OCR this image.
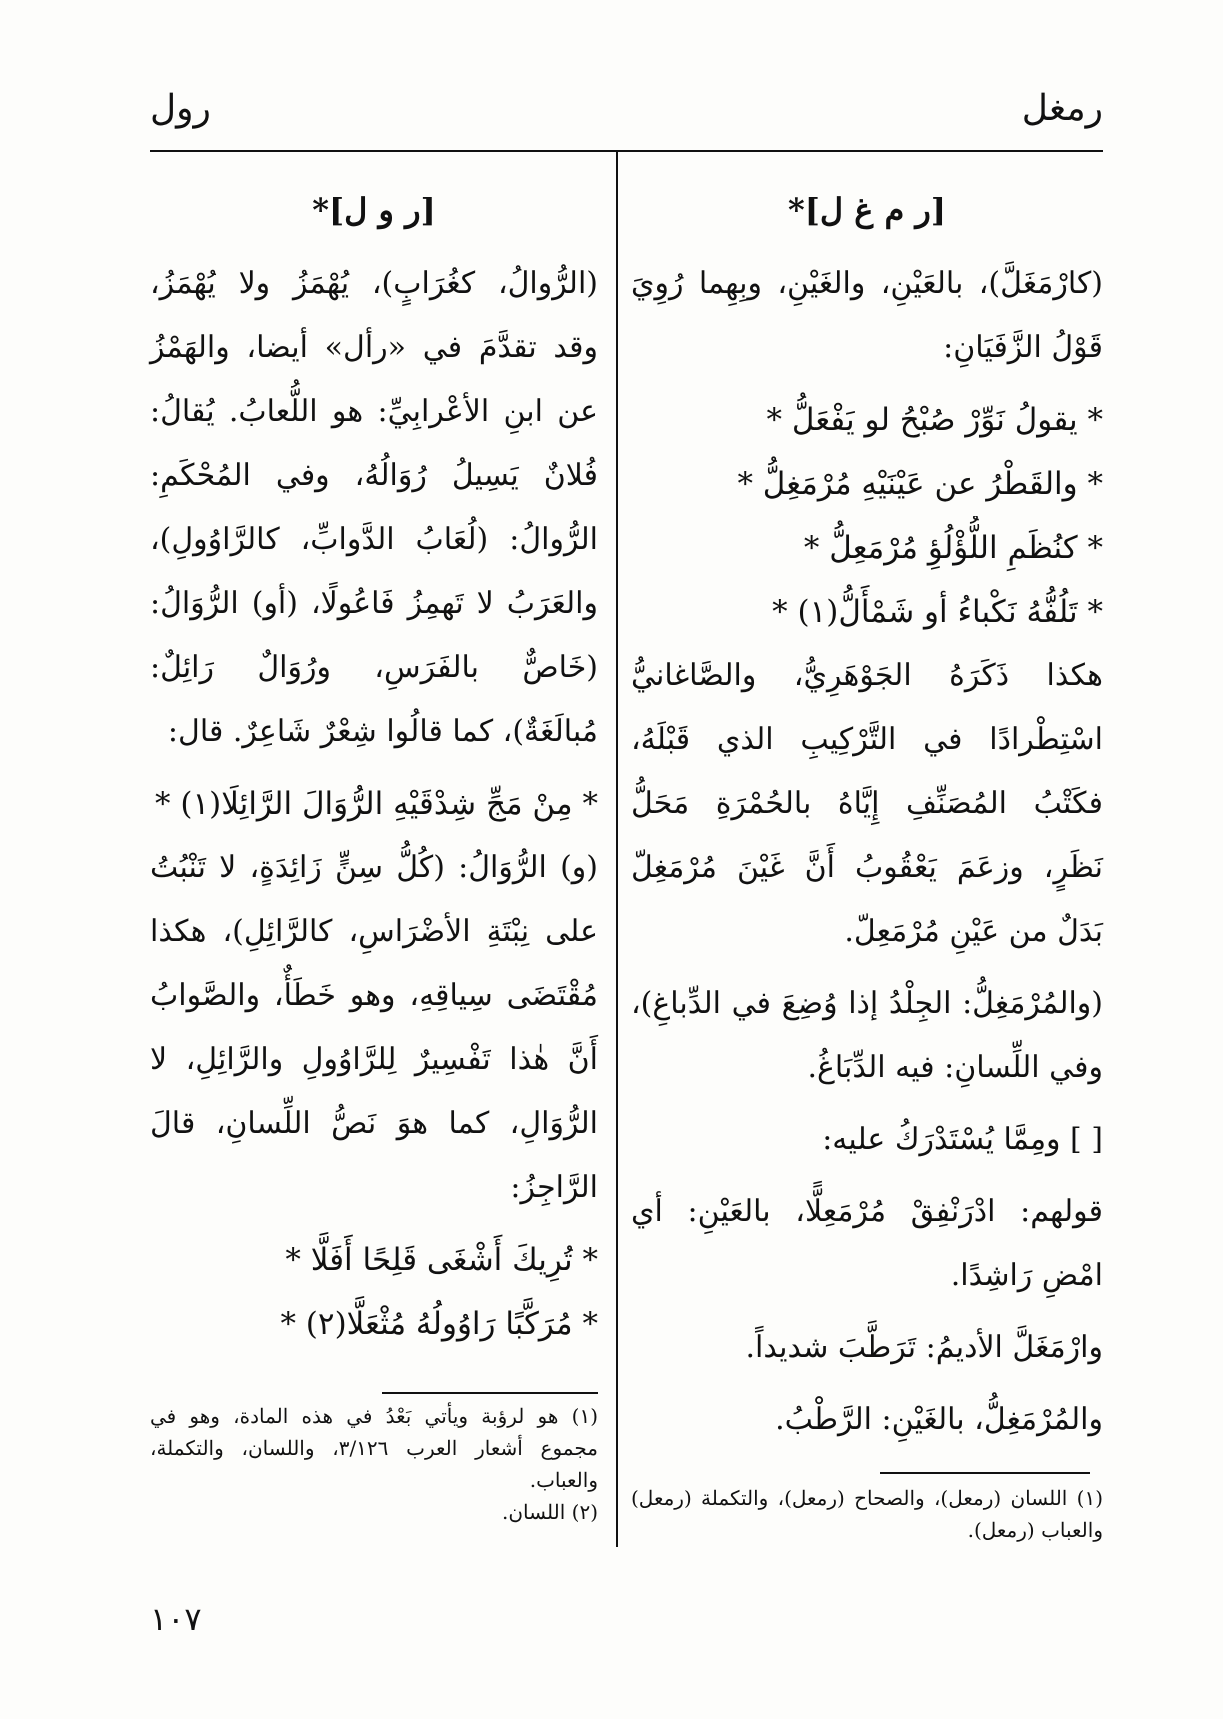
رمغل
رول

[ر م غ ل]*

(كارْمَغَلَّ)، بالعَيْنِ، والغَيْنِ، وبِهِما رُوِيَ قَوْلُ الزَّفَيَانِ:

* يقولُ نَوِّرْ صُبْحُ لو يَفْعَلُّ *

* والقَطْرُ عن عَيْنَيْهِ مُرْمَغِلُّ *

* كنُظَمِ اللُّؤْلُؤِ مُرْمَعِلُّ *

* تَلُفُّهُ نَكْباءُ أو شَمْأَلُّ(١) *

هكذا ذَكَرَهُ الجَوْهَرِيُّ، والصَّاغانيُّ اسْتِطْرادًا في التَّرْكِيبِ الذي قَبْلَهُ، فكَتْبُ المُصَنِّفِ إِيَّاهُ بالحُمْرَةِ مَحَلُّ نَظَرٍ، وزعَمَ يَعْقُوبُ أَنَّ غَيْنَ مُرْمَغِلّ بَدَلٌ من عَيْنِ مُرْمَعِلّ.

(والمُرْمَغِلُّ: الجِلْدُ إذا وُضِعَ في الدِّباغِ)، وفي اللِّسانِ: فيه الدِّبَاغُ.

[ ] ومِمَّا يُسْتَدْرَكُ عليه:

قولهم: ادْرَنْفِقْ مُرْمَعِلًّا، بالعَيْنِ: أي امْضِ رَاشِدًا.

وارْمَغَلَّ الأديمُ: تَرَطَّبَ شديداً.

والمُرْمَغِلُّ، بالغَيْنِ: الرَّطْبُ.

[ر و ل]*

(الرُّوالُ، كغُرَابٍ)، يُهْمَزُ ولا يُهْمَزُ، وقد تقدَّمَ في «رأل» أيضا، والهَمْزُ عن ابنِ الأعْرابِيِّ: هو اللُّعابُ. يُقالُ: فُلانٌ يَسِيلُ رُوَالُهُ، وفي المُحْكَمِ: الرُّوالُ: (لُعَابُ الدَّوابِّ، كالرَّاوُولِ)، والعَرَبُ لا تَهمِزُ فَاعُولًا، (أو) الرُّوَالُ: (خَاصٌّ بالفَرَسِ، ورُوَالٌ رَائِلٌ: مُبالَغَةٌ)، كما قالُوا شِعْرٌ شَاعِرٌ. قال:

* مِنْ مَجِّ شِدْقَيْهِ الرُّوَالَ الرَّائِلَا(١) *

(و) الرُّوَالُ: (كُلُّ سِنٍّ زَائِدَةٍ، لا تَنْبُتُ على نِبْتَةِ الأضْرَاسِ، كالرَّائِلِ)، هكذا مُقْتَضَى سِياقِهِ، وهو خَطَأٌ، والصَّوابُ أَنَّ هٰذا تَفْسِيرٌ لِلرَّاوُولِ والرَّائِلِ، لا الرُّوَالِ، كما هوَ نَصُّ اللِّسانِ، قالَ الرَّاجِزُ:

* تُرِيكَ أَشْغَى قَلِحًا أَفَلَّا *

* مُرَكَّبًا رَاوُولُهُ مُثْعَلَّا(٢) *

(١) اللسان (رمعل)، والصحاح (رمعل)، والتكملة (رمعل) والعباب (رمعل).

(١) هو لرؤبة ويأتي بَعْدُ في هذه المادة، وهو في مجموع أشعار العرب ٣/١٢٦، واللسان، والتكملة، والعباب.

(٢) اللسان.

١٠٧
